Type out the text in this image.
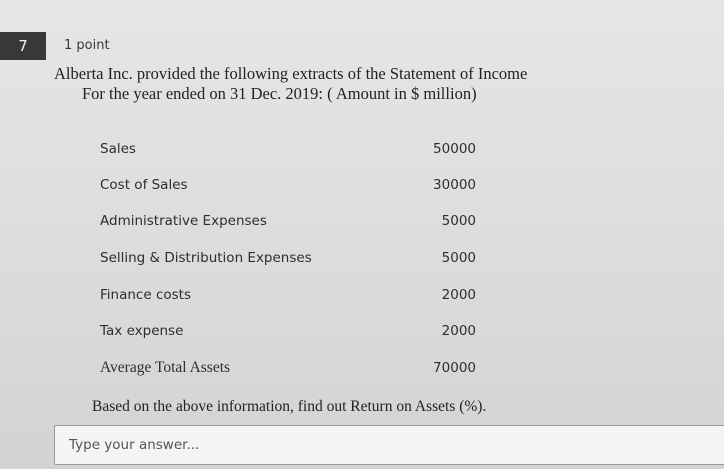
7	1 point
Alberta Inc. provided the following extracts of the Statement of Income
For the year ended on 31 Dec. 2019: ( Amount in $ million)
Sales	50000
Cost of Sales	30000
Administrative Expenses	5000
Selling & Distribution Expenses	5000
Finance costs	2000
Tax expense	2000
Average Total Assets	70000
Based on the above information, find out Return on Assets (%).
Type your answer...
